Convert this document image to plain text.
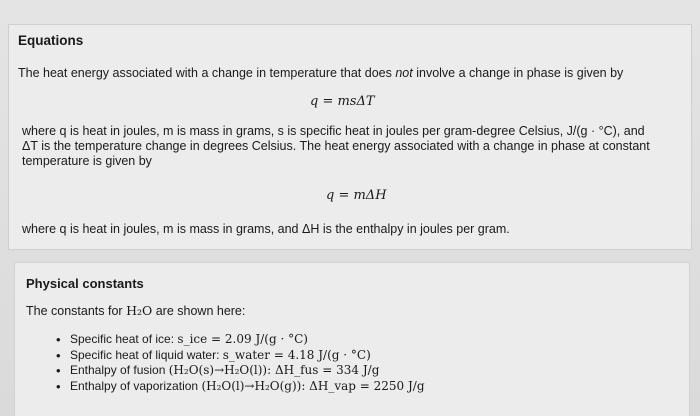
Equations
The heat energy associated with a change in temperature that does not involve a change in phase is given by
q = msΔT
where q is heat in joules, m is mass in grams, s is specific heat in joules per gram-degree Celsius, J/(g · °C), and
ΔT is the temperature change in degrees Celsius. The heat energy associated with a change in phase at constant
temperature is given by
q = mΔH
where q is heat in joules, m is mass in grams, and ΔH is the enthalpy in joules per gram.
Physical constants
The constants for H₂O are shown here:
• Specific heat of ice: s_ice = 2.09 J/(g · °C)
• Specific heat of liquid water: s_water = 4.18 J/(g · °C)
• Enthalpy of fusion (H₂O(s)→H₂O(l)): ΔH_fus = 334 J/g
• Enthalpy of vaporization (H₂O(l)→H₂O(g)): ΔH_vap = 2250 J/g
